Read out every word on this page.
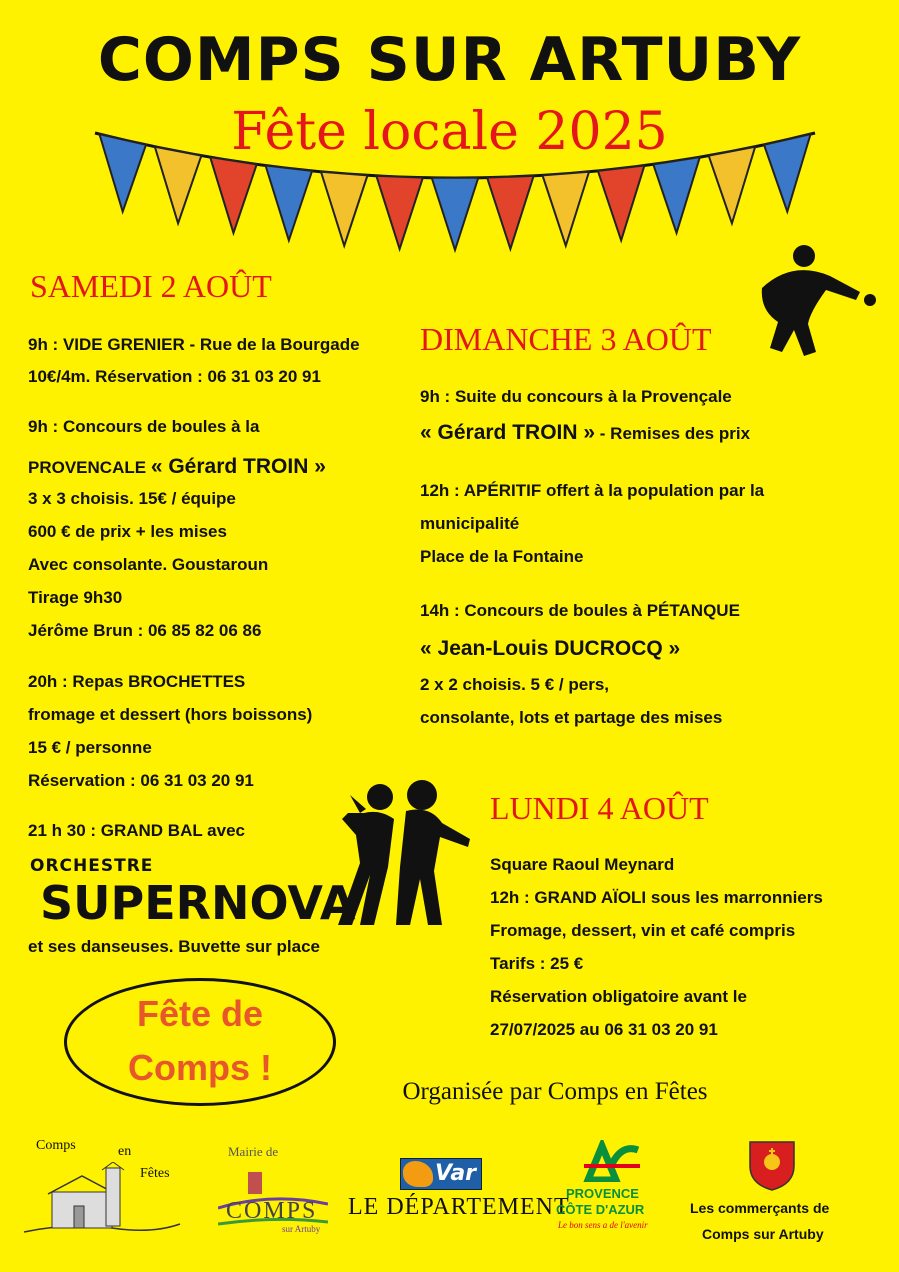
COMPS SUR ARTUBY
Fête locale 2025
SAMEDI 2 AOÛT
9h : VIDE GRENIER - Rue de la Bourgade
10€/4m. Réservation : 06 31 03 20 91
9h : Concours de boules à la
PROVENCALE « Gérard TROIN »
3 x 3 choisis. 15€ / équipe
600 € de prix + les mises
Avec consolante. Goustaroun
Tirage 9h30
Jérôme Brun : 06 85 82 06 86
20h : Repas BROCHETTES
fromage et dessert (hors boissons)
15 € / personne
Réservation : 06 31 03 20 91
21 h 30 : GRAND BAL avec
ORCHESTRE
SUPERNOVA
et ses danseuses. Buvette sur place
DIMANCHE 3 AOÛT
9h : Suite du concours à la Provençale
« Gérard TROIN » - Remises des prix
12h : APÉRITIF offert à la population par la
municipalité
Place de la Fontaine
14h : Concours de boules à PÉTANQUE
« Jean-Louis DUCROCQ »
2 x 2 choisis. 5 € / pers,
consolante, lots et partage des mises
LUNDI 4 AOÛT
Square Raoul Meynard
12h : GRAND AÏOLI sous les marronniers
Fromage, dessert, vin et café compris
Tarifs : 25 €
Réservation obligatoire avant le
27/07/2025 au 06 31 03 20 91
Fête de
Comps !
Organisée par Comps en Fêtes
Comps	en
Fêtes
Mairie de
COMPS
sur Artuby
Var
LE DÉPARTEMENT
PROVENCE
CÔTE D'AZUR
Le bon sens a de l'avenir
Les commerçants de
Comps sur Artuby
